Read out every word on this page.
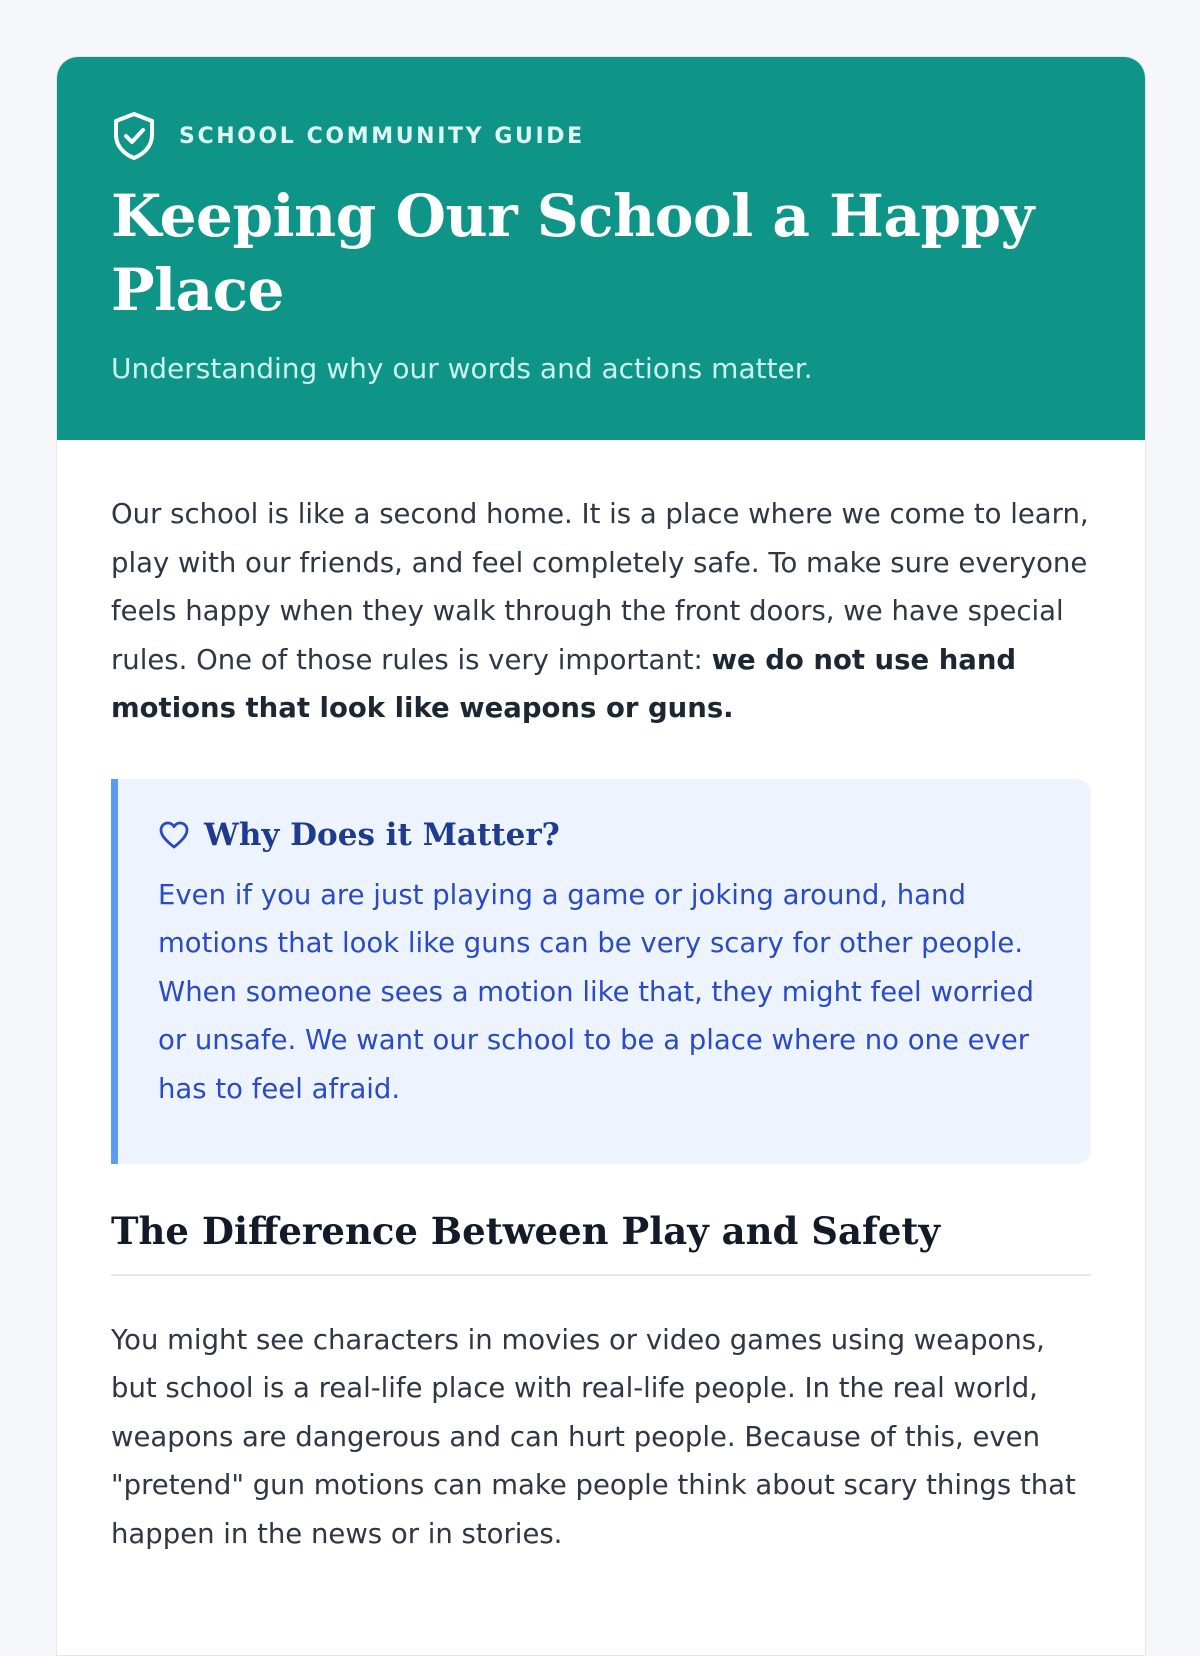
SCHOOL COMMUNITY GUIDE
Keeping Our School a Happy Place

Understanding why our words and actions matter.

Our school is like a second home. It is a place where we come to learn, play with our friends, and feel completely safe. To make sure everyone feels happy when they walk through the front doors, we have special rules. One of those rules is very important: we do not use hand motions that look like weapons or guns.

Why Does it Matter?

Even if you are just playing a game or joking around, hand motions that look like guns can be very scary for other people. When someone sees a motion like that, they might feel worried or unsafe. We want our school to be a place where no one ever has to feel afraid.

The Difference Between Play and Safety

You might see characters in movies or video games using weapons, but school is a real-life place with real-life people. In the real world, weapons are dangerous and can hurt people. Because of this, even "pretend" gun motions can make people think about scary things that happen in the news or in stories.
